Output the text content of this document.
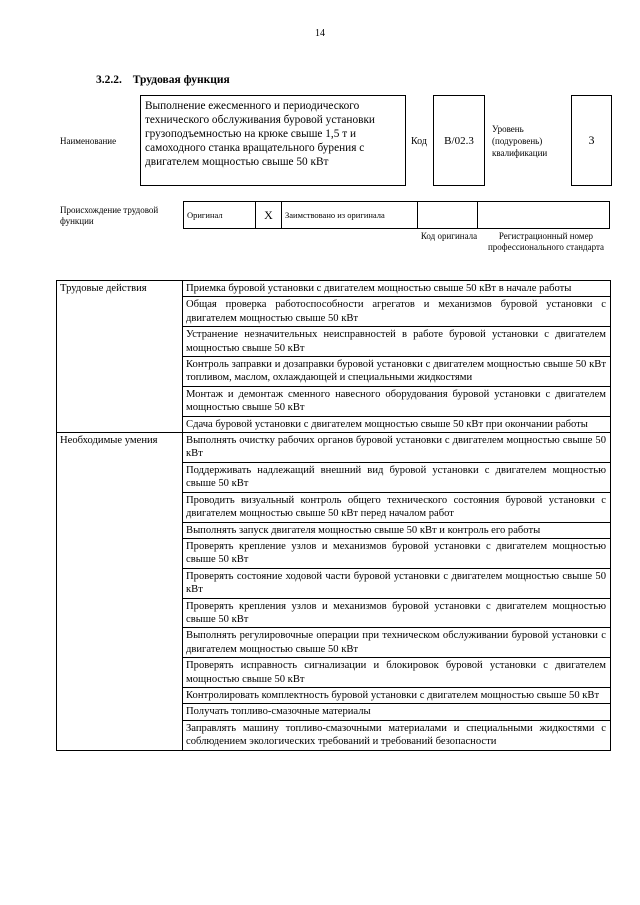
14
3.2.2. Трудовая функция
Наименование
Выполнение ежесменного и периодического технического обслуживания буровой установки грузоподъемностью на крюке свыше 1,5 т и самоходного станка вращательного бурения с двигателем мощностью свыше 50 кВт
Код	B/02.3
Уровень (подуровень) квалификации
3
Происхождение трудовой функции
Оригинал	X	Заимствовано из оригинала		
Код оригинала	Регистрационный номер профессионального стандарта
Трудовые действия	Приемка буровой установки с двигателем мощностью свыше 50 кВт в начале работы
	Общая проверка работоспособности агрегатов и механизмов буровой установки с двигателем мощностью свыше 50 кВт
	Устранение незначительных неисправностей в работе буровой установки с двигателем мощностью свыше 50 кВт
	Контроль заправки и дозаправки буровой установки с двигателем мощностью свыше 50 кВт топливом, маслом, охлаждающей и специальными жидкостями
	Монтаж и демонтаж сменного навесного оборудования буровой установки с двигателем мощностью свыше 50 кВт
	Сдача буровой установки с двигателем мощностью свыше 50 кВт при окончании работы
Необходимые умения	Выполнять очистку рабочих органов буровой установки с двигателем мощностью свыше 50 кВт
	Поддерживать надлежащий внешний вид буровой установки с двигателем мощностью свыше 50 кВт
	Проводить визуальный контроль общего технического состояния буровой установки с двигателем мощностью свыше 50 кВт перед началом работ
	Выполнять запуск двигателя мощностью свыше 50 кВт и контроль его работы
	Проверять крепление узлов и механизмов буровой установки с двигателем мощностью свыше 50 кВт
	Проверять состояние ходовой части буровой установки с двигателем мощностью свыше 50 кВт
	Проверять крепления узлов и механизмов буровой установки с двигателем мощностью свыше 50 кВт
	Выполнять регулировочные операции при техническом обслуживании буровой установки с двигателем мощностью свыше 50 кВт
	Проверять исправность сигнализации и блокировок буровой установки с двигателем мощностью свыше 50 кВт
	Контролировать комплектность буровой установки с двигателем мощностью свыше 50 кВт
	Получать топливо-смазочные материалы
	Заправлять машину топливо-смазочными материалами и специальными жидкостями с соблюдением экологических требований и требований безопасности
